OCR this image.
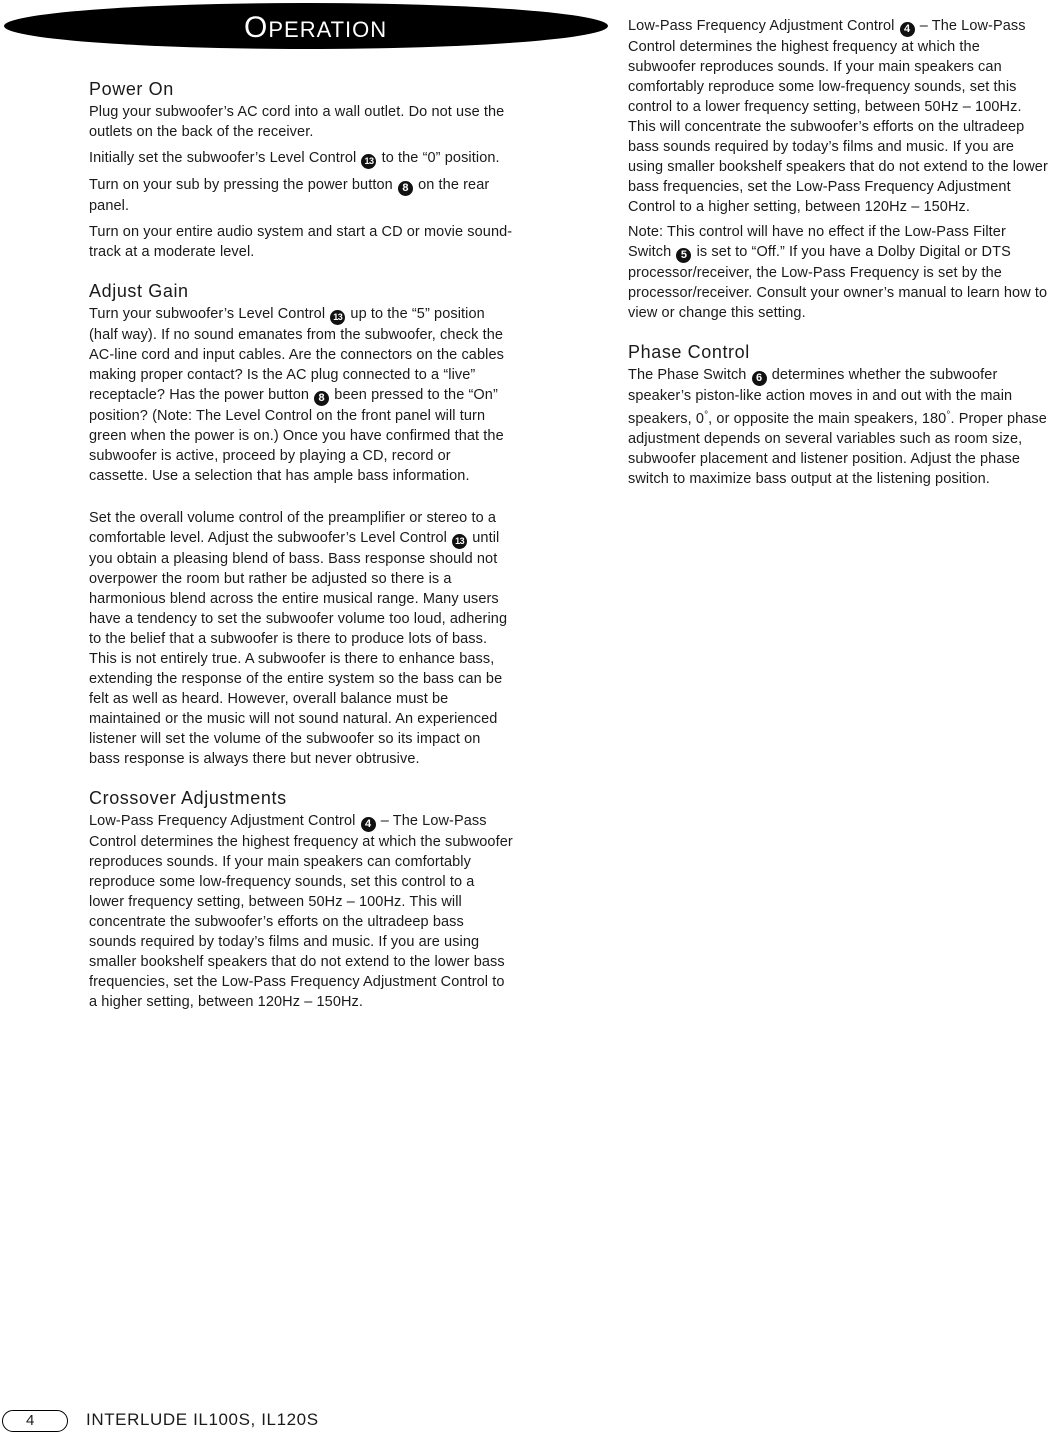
OPERATION
Power On

Plug your subwoofer’s AC cord into a wall outlet. Do not use the outlets on the back of the receiver.

Initially set the subwoofer’s Level Control 13 to the “0” position.

Turn on your sub by pressing the power button 8 on the rear panel.

Turn on your entire audio system and start a CD or movie sound-track at a moderate level.

Adjust Gain

Turn your subwoofer’s Level Control 13 up to the “5” position (half way). If no sound emanates from the subwoofer, check the AC-line cord and input cables. Are the connectors on the cables making proper contact? Is the AC plug connected to a “live” receptacle? Has the power button 8 been pressed to the “On” position? (Note: The Level Control on the front panel will turn green when the power is on.) Once you have confirmed that the subwoofer is active, proceed by playing a CD, record or cassette. Use a selection that has ample bass information.

Set the overall volume control of the preamplifier or stereo to a comfortable level. Adjust the subwoofer’s Level Control 13 until you obtain a pleasing blend of bass. Bass response should not overpower the room but rather be adjusted so there is a harmonious blend across the entire musical range. Many users have a tendency to set the subwoofer volume too loud, adhering to the belief that a subwoofer is there to produce lots of bass. This is not entirely true. A subwoofer is there to enhance bass, extending the response of the entire system so the bass can be felt as well as heard. However, overall balance must be maintained or the music will not sound natural. An experienced listener will set the volume of the subwoofer so its impact on bass response is always there but never obtrusive.

Crossover Adjustments

Low-Pass Frequency Adjustment Control 4 – The Low-Pass Control determines the highest frequency at which the subwoofer reproduces sounds. If your main speakers can comfortably reproduce some low-frequency sounds, set this control to a lower frequency setting, between 50Hz – 100Hz. This will concentrate the subwoofer’s efforts on the ultradeep bass sounds required by today’s films and music. If you are using smaller bookshelf speakers that do not extend to the lower bass frequencies, set the Low-Pass Frequency Adjustment Control to a higher setting, between 120Hz – 150Hz.

Low-Pass Frequency Adjustment Control 4 – The Low-Pass Control determines the highest frequency at which the subwoofer reproduces sounds. If your main speakers can comfortably reproduce some low-frequency sounds, set this control to a lower frequency setting, between 50Hz – 100Hz. This will concentrate the subwoofer’s efforts on the ultradeep bass sounds required by today’s films and music. If you are using smaller bookshelf speakers that do not extend to the lower bass frequencies, set the Low-Pass Frequency Adjustment Control to a higher setting, between 120Hz – 150Hz.

Note: This control will have no effect if the Low-Pass Filter Switch 5 is set to “Off.” If you have a Dolby Digital or DTS processor/receiver, the Low-Pass Frequency is set by the processor/receiver. Consult your owner’s manual to learn how to view or change this setting.

Phase Control

The Phase Switch 6 determines whether the subwoofer speaker’s piston-like action moves in and out with the main speakers, 0°, or opposite the main speakers, 180°. Proper phase adjustment depends on several variables such as room size, subwoofer placement and listener position. Adjust the phase switch to maximize bass output at the listening position.

4	INTERLUDE IL100S, IL120S
